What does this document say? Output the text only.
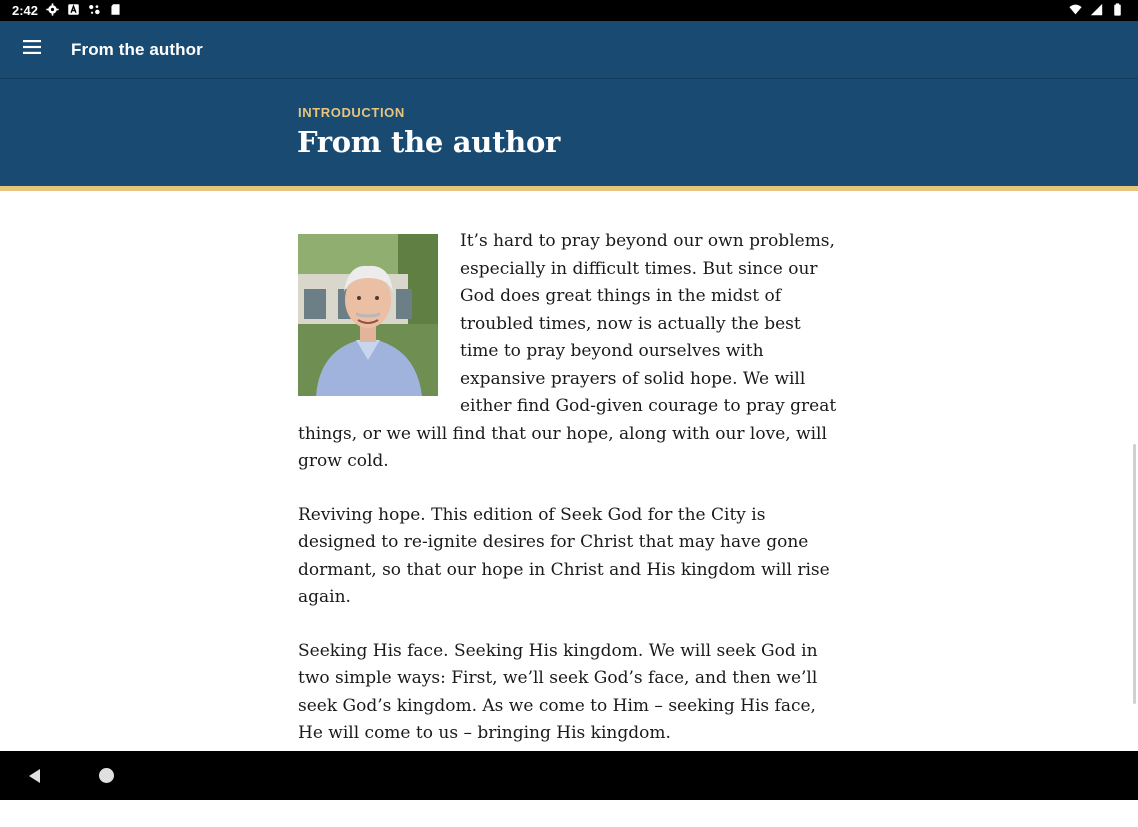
2:42
From the author
INTRODUCTION
From the author

It’s hard to pray beyond our own problems, especially in difficult times. But since our God does great things in the midst of troubled times, now is actually the best time to pray beyond ourselves with expansive prayers of solid hope. We will either find God-given courage to pray great things, or we will find that our hope, along with our love, will grow cold.

Reviving hope. This edition of Seek God for the City is designed to re-ignite desires for Christ that may have gone dormant, so that our hope in Christ and His kingdom will rise again.

Seeking His face. Seeking His kingdom. We will seek God in two simple ways: First, we’ll seek God’s face, and then we’ll seek God’s kingdom. As we come to Him – seeking His face, He will come to us – bringing His kingdom.
